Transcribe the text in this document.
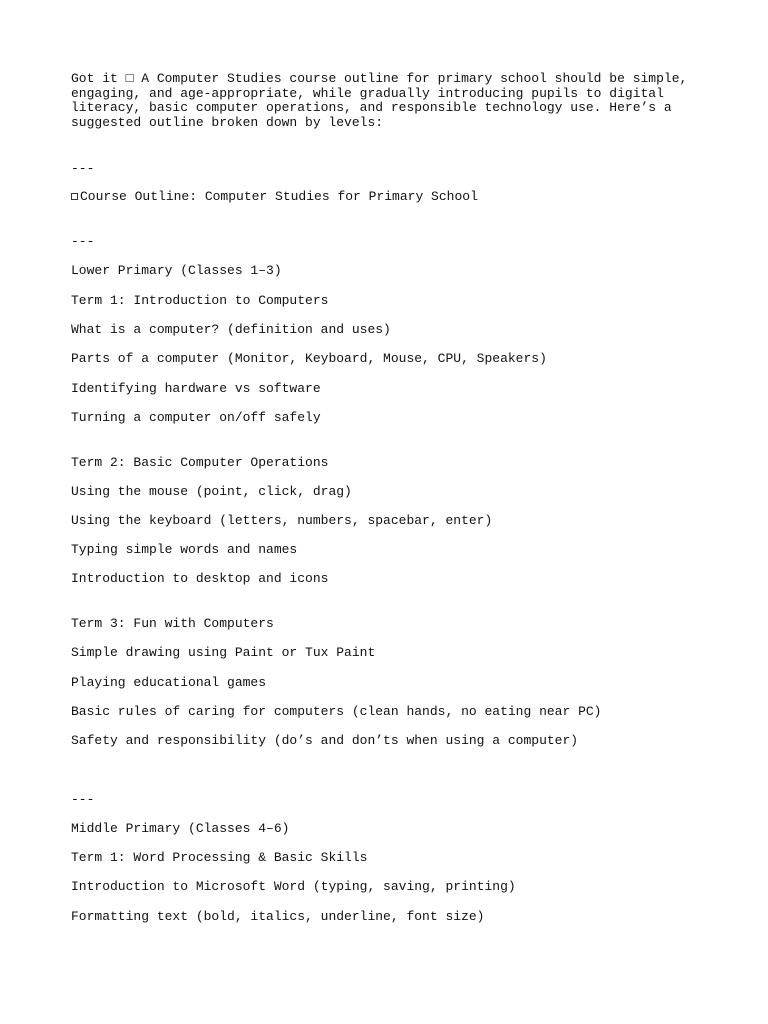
Got it □ A Computer Studies course outline for primary school should be simple,
engaging, and age-appropriate, while gradually introducing pupils to digital
literacy, basic computer operations, and responsible technology use. Here’s a
suggested outline broken down by levels:
---
Course Outline: Computer Studies for Primary School
---
Lower Primary (Classes 1–3)
Term 1: Introduction to Computers
What is a computer? (definition and uses)
Parts of a computer (Monitor, Keyboard, Mouse, CPU, Speakers)
Identifying hardware vs software
Turning a computer on/off safely
Term 2: Basic Computer Operations
Using the mouse (point, click, drag)
Using the keyboard (letters, numbers, spacebar, enter)
Typing simple words and names
Introduction to desktop and icons
Term 3: Fun with Computers
Simple drawing using Paint or Tux Paint
Playing educational games
Basic rules of caring for computers (clean hands, no eating near PC)
Safety and responsibility (do’s and don’ts when using a computer)
---
Middle Primary (Classes 4–6)
Term 1: Word Processing & Basic Skills
Introduction to Microsoft Word (typing, saving, printing)
Formatting text (bold, italics, underline, font size)
